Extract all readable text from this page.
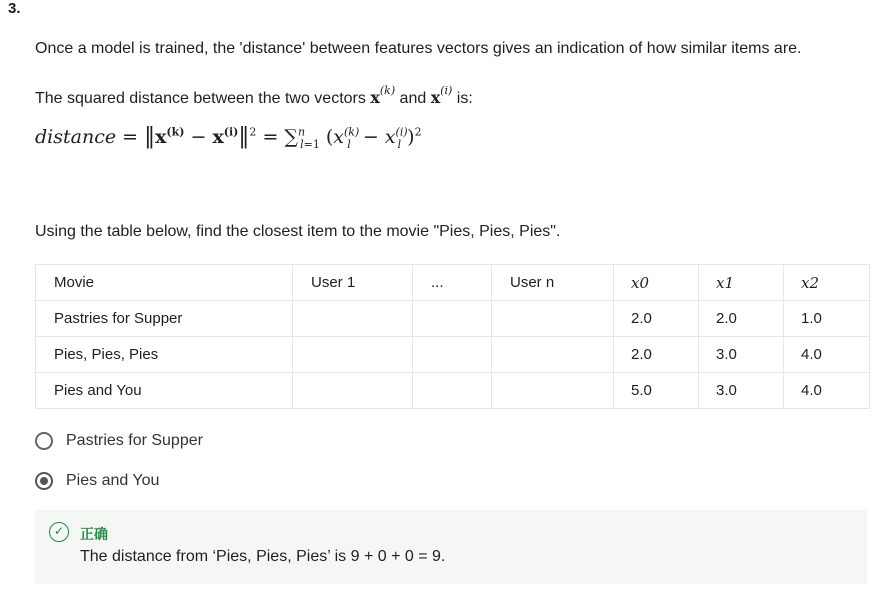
3.
Once a model is trained, the 'distance' between features vectors gives an indication of how similar items are.
The squared distance between the two vectors $x^{(k)}$ and $x^{(i)}$ is:
distance = $‖x^{(k)}$ − $x^{(i)}‖^2 = \sum^n_{l=1}$ ($x^{(k)}_l - x^{(i)}_l$ )$^2$
Using the table below, find the closest item to the movie "Pies, Pies, Pies".
Movie	User 1	...	User n	x0	x1	x2
Pastries for Supper				2.0	2.0	1.0
Pies, Pies, Pies				2.0	3.0	4.0
Pies and You				5.0	3.0	4.0
Pastries for Supper
Pies and You
✓	正确
The distance from ‘Pies, Pies, Pies’ is 9 + 0 + 0 = 9.
